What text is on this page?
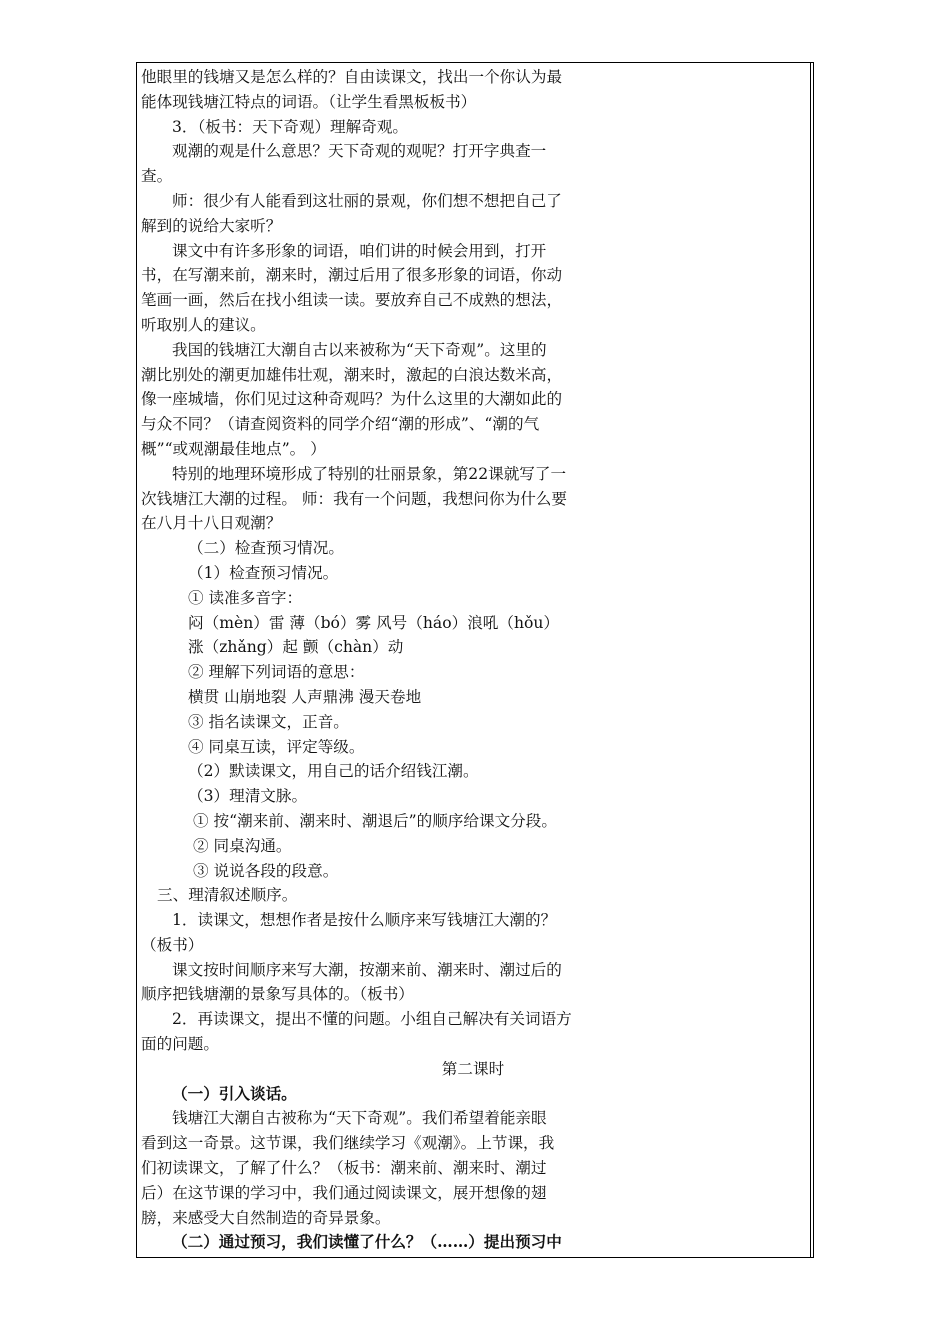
他眼里的钱塘又是怎么样的？自由读课文，找出一个你认为最

能体现钱塘江特点的词语。（让学生看黑板板书）

3．（板书：天下奇观）理解奇观。

观潮的观是什么意思？天下奇观的观呢？打开字典查一

查。

师：很少有人能看到这壮丽的景观，你们想不想把自己了

解到的说给大家听？

课文中有许多形象的词语，咱们讲的时候会用到，打开

书，在写潮来前，潮来时，潮过后用了很多形象的词语，你动

笔画一画，然后在找小组读一读。要放弃自己不成熟的想法，

听取别人的建议。

我国的钱塘江大潮自古以来被称为“天下奇观”。这里的

潮比别处的潮更加雄伟壮观，潮来时，激起的白浪达数米高，

像一座城墙，你们见过这种奇观吗？为什么这里的大潮如此的

与众不同？（请查阅资料的同学介绍“潮的形成”、“潮的气

概”“或观潮最佳地点”。 ）

特别的地理环境形成了特别的壮丽景象，第22课就写了一

次钱塘江大潮的过程。 师：我有一个问题，我想问你为什么要

在八月十八日观潮？

（二）检查预习情况。

（1）检查预习情况。

① 读准多音字：

闷（mèn）雷 薄（bó）雾 风号（háo）浪吼（hǒu）

涨（zhǎng）起 颤（chàn）动

② 理解下列词语的意思：

横贯 山崩地裂 人声鼎沸 漫天卷地

③ 指名读课文，正音。

④ 同桌互读，评定等级。

（2）默读课文，用自己的话介绍钱江潮。

（3）理清文脉。

① 按“潮来前、潮来时、潮退后”的顺序给课文分段。

② 同桌沟通。

③ 说说各段的段意。

三、理清叙述顺序。

1．读课文，想想作者是按什么顺序来写钱塘江大潮的？

（板书）

课文按时间顺序来写大潮，按潮来前、潮来时、潮过后的

顺序把钱塘潮的景象写具体的。（板书）

2．再读课文，提出不懂的问题。小组自己解决有关词语方

面的问题。

第二课时

（一）引入谈话。

钱塘江大潮自古被称为“天下奇观”。我们希望着能亲眼

看到这一奇景。这节课，我们继续学习《观潮》。上节课，我

们初读课文，了解了什么？（板书：潮来前、潮来时、潮过

后）在这节课的学习中，我们通过阅读课文，展开想像的翅

膀，来感受大自然制造的奇异景象。

（二）通过预习，我们读懂了什么？（……）提出预习中
